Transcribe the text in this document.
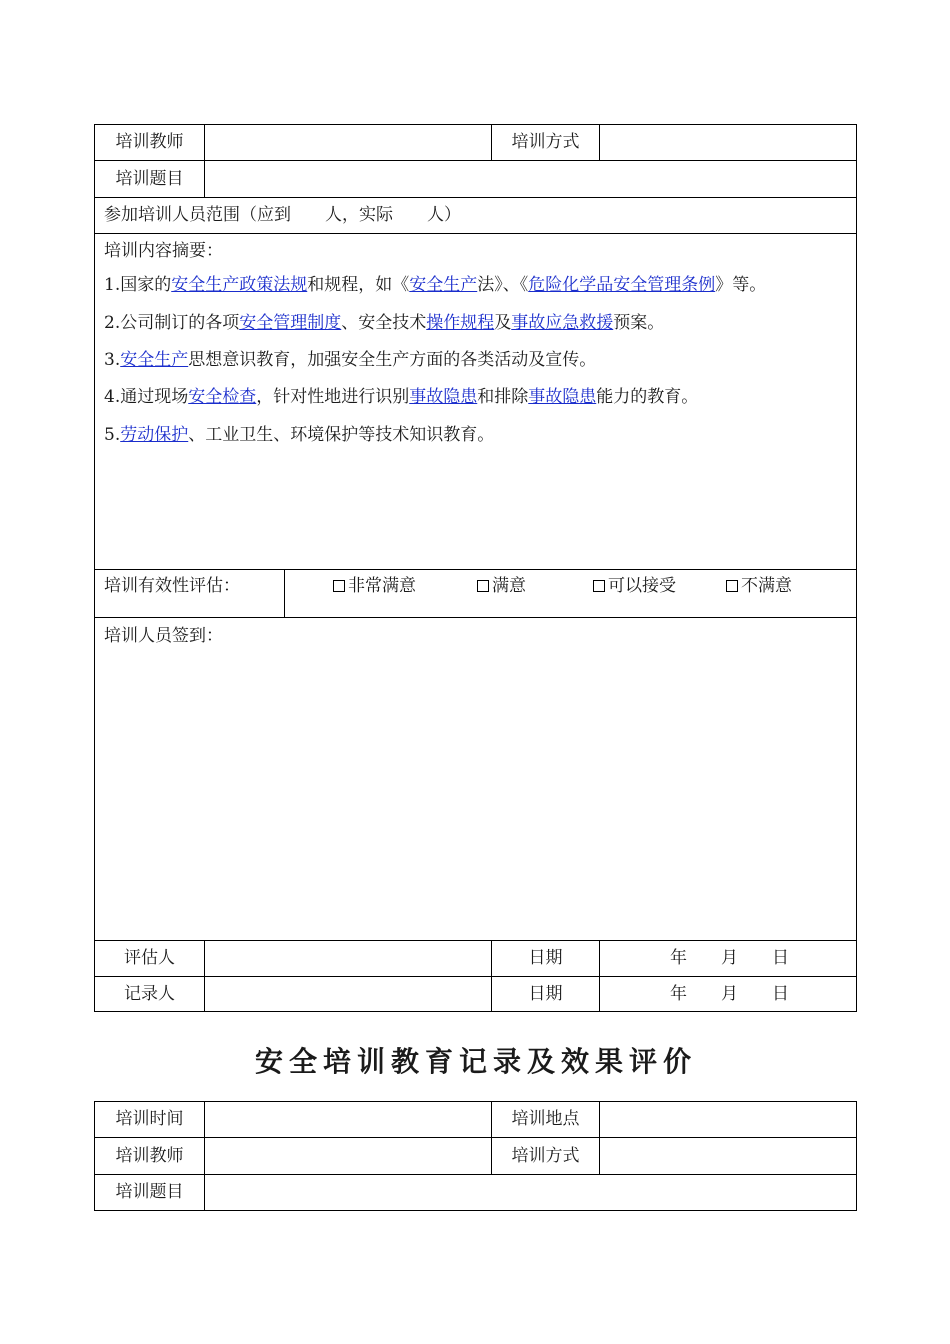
培训教师	培训方式
培训题目
参加培训人员范围（应到　　人，实际　　人）
培训内容摘要：
1.国家的安全生产政策法规和规程，如《安全生产法》、《危险化学品安全管理条例》等。
2.公司制订的各项安全管理制度、安全技术操作规程及事故应急救援预案。
3.安全生产思想意识教育，加强安全生产方面的各类活动及宣传。
4.通过现场安全检查，针对性地进行识别事故隐患和排除事故隐患能力的教育。
5.劳动保护、工业卫生、环境保护等技术知识教育。
培训有效性评估：	非常满意	满意	可以接受	不满意
培训人员签到：
评估人	日期	年　　月　　日
记录人	日期	年　　月　　日
安全培训教育记录及效果评价
培训时间	培训地点
培训教师	培训方式
培训题目
